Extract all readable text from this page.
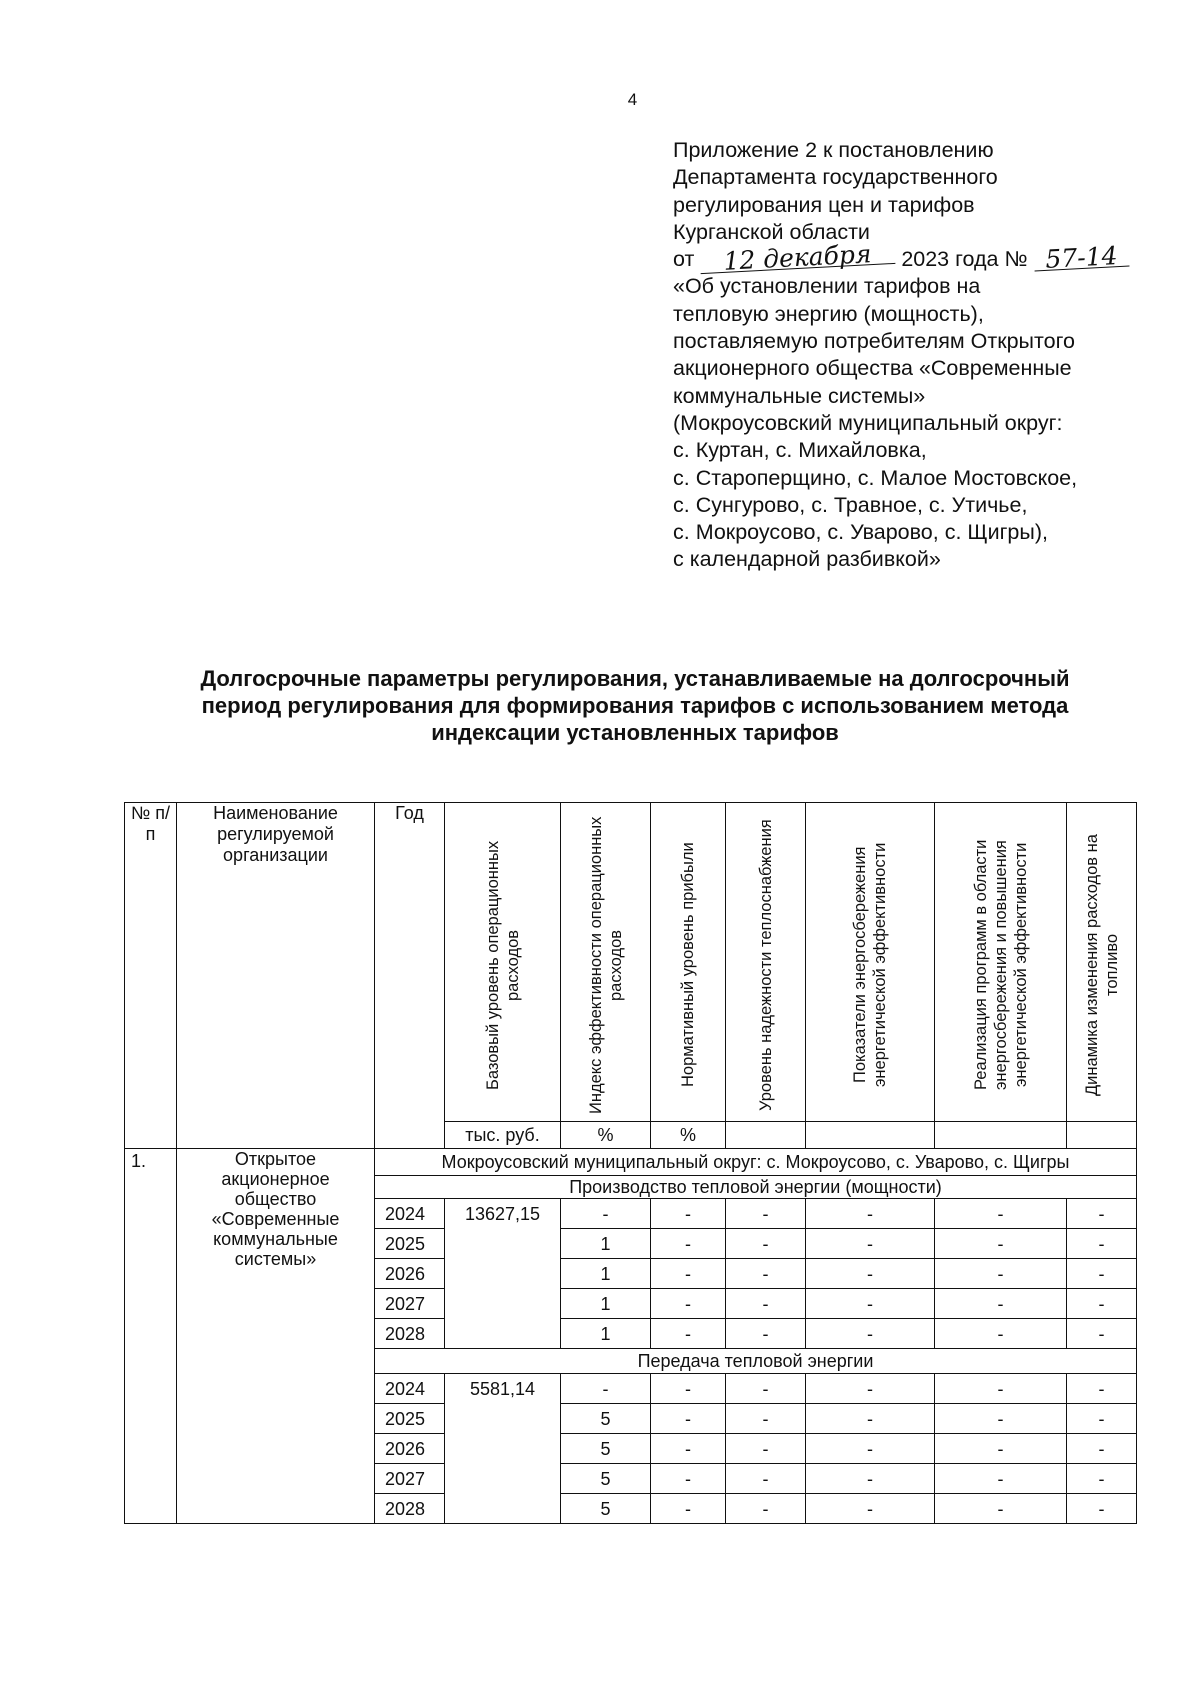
4
Приложение 2 к постановлению
Департамента государственного
регулирования цен и тарифов
Курганской области
от 12 декабря 2023 года № 57-14
«Об установлении тарифов на
тепловую энергию (мощность),
поставляемую потребителям Открытого
акционерного общества «Современные
коммунальные системы»
(Мокроусовский муниципальный округ:
с. Куртан, с. Михайловка,
с. Староперщино, с. Малое Мостовское,
с. Сунгурово, с. Травное, с. Утичье,
с. Мокроусово, с. Уварово, с. Щигры),
с календарной разбивкой»
Долгосрочные параметры регулирования, устанавливаемые на долгосрочный
период регулирования для формирования тарифов с использованием метода
индексации установленных тарифов
№ п/п	Наименование регулируемой организации	Год	Базовый уровень операционных расходов	Индекс эффективности операционных расходов	Нормативный уровень прибыли	Уровень надежности теплоснабжения	Показатели энергосбережения энергетической эффективности	Реализация программ в области энергосбережения и повышения энергетической эффективности	Динамика изменения расходов на топливо

			тыс. руб.	%	%				
1.	Открытое акционерное общество «Современные коммунальные системы»	Мокроусовский муниципальный округ: с. Мокроусово, с. Уварово, с. Щигры							
		Производство тепловой энергии (мощности)							
		2024	13627,15	-	-	-	-	-	-
		2025		1	-	-	-	-	-
		2026		1	-	-	-	-	-
		2027		1	-	-	-	-	-
		2028		1	-	-	-	-	-
		Передача тепловой энергии							
		2024	5581,14	-	-	-	-	-	-
		2025		5	-	-	-	-	-
		2026		5	-	-	-	-	-
		2027		5	-	-	-	-	-
		2028		5	-	-	-	-	-
